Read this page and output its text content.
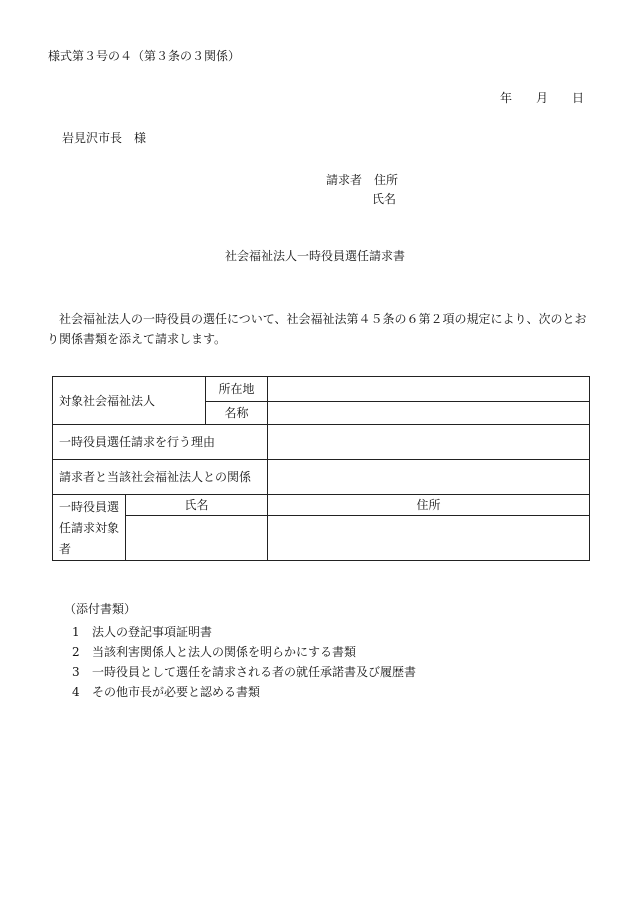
様式第３号の４（第３条の３関係）
年 月 日
岩見沢市長 様
請求者 住所
氏名
社会福祉法人一時役員選任請求書
社会福祉法人の一時役員の選任について、社会福祉法第４５条の６第２項の規定により、次のとおり関係書類を添えて請求します。
対象社会福祉法人		所在地	
		名称	
一時役員選任請求を行う理由			
請求者と当該社会福祉法人との関係			
一時役員選任請求対象者	氏名		住所

（添付書類）
1 法人の登記事項証明書
2 当該利害関係人と法人の関係を明らかにする書類
3 一時役員として選任を請求される者の就任承諾書及び履歴書
4 その他市長が必要と認める書類
